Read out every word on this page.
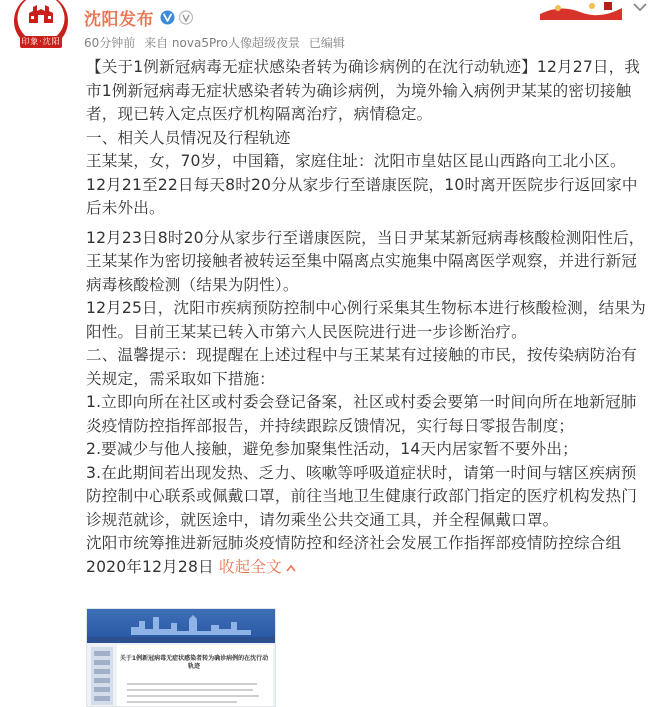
印象·沈阳
沈阳发布
60分钟前 来自 nova5Pro人像超级夜景 已编辑

【关于1例新冠病毒无症状感染者转为确诊病例的在沈行动轨迹】12月27日，我市1例新冠病毒无症状感染者转为确诊病例，为境外输入病例尹某某的密切接触者，现已转入定点医疗机构隔离治疗，病情稳定。

一、相关人员情况及行程轨迹

王某某，女，70岁，中国籍，家庭住址：沈阳市皇姑区昆山西路向工北小区。

12月21至22日每天8时20分从家步行至谱康医院，10时离开医院步行返回家中后未外出。

12月23日8时20分从家步行至谱康医院，当日尹某某新冠病毒核酸检测阳性后，王某某作为密切接触者被转运至集中隔离点实施集中隔离医学观察，并进行新冠病毒核酸检测（结果为阴性）。

12月25日，沈阳市疾病预防控制中心例行采集其生物标本进行核酸检测，结果为阳性。目前王某某已转入市第六人民医院进行进一步诊断治疗。

二、温馨提示：现提醒在上述过程中与王某某有过接触的市民，按传染病防治有关规定，需采取如下措施：

1.立即向所在社区或村委会登记备案，社区或村委会要第一时间向所在地新冠肺炎疫情防控指挥部报告，并持续跟踪反馈情况，实行每日零报告制度；

2.要减少与他人接触，避免参加聚集性活动，14天内居家暂不要外出；

3.在此期间若出现发热、乏力、咳嗽等呼吸道症状时，请第一时间与辖区疾病预防控制中心联系或佩戴口罩，前往当地卫生健康行政部门指定的医疗机构发热门诊规范就诊，就医途中，请勿乘坐公共交通工具，并全程佩戴口罩。

沈阳市统筹推进新冠肺炎疫情防控和经济社会发展工作指挥部疫情防控综合组

2020年12月28日 收起全文

关于1例新冠病毒无症状感染者转为确诊病例的在沈行动轨迹
